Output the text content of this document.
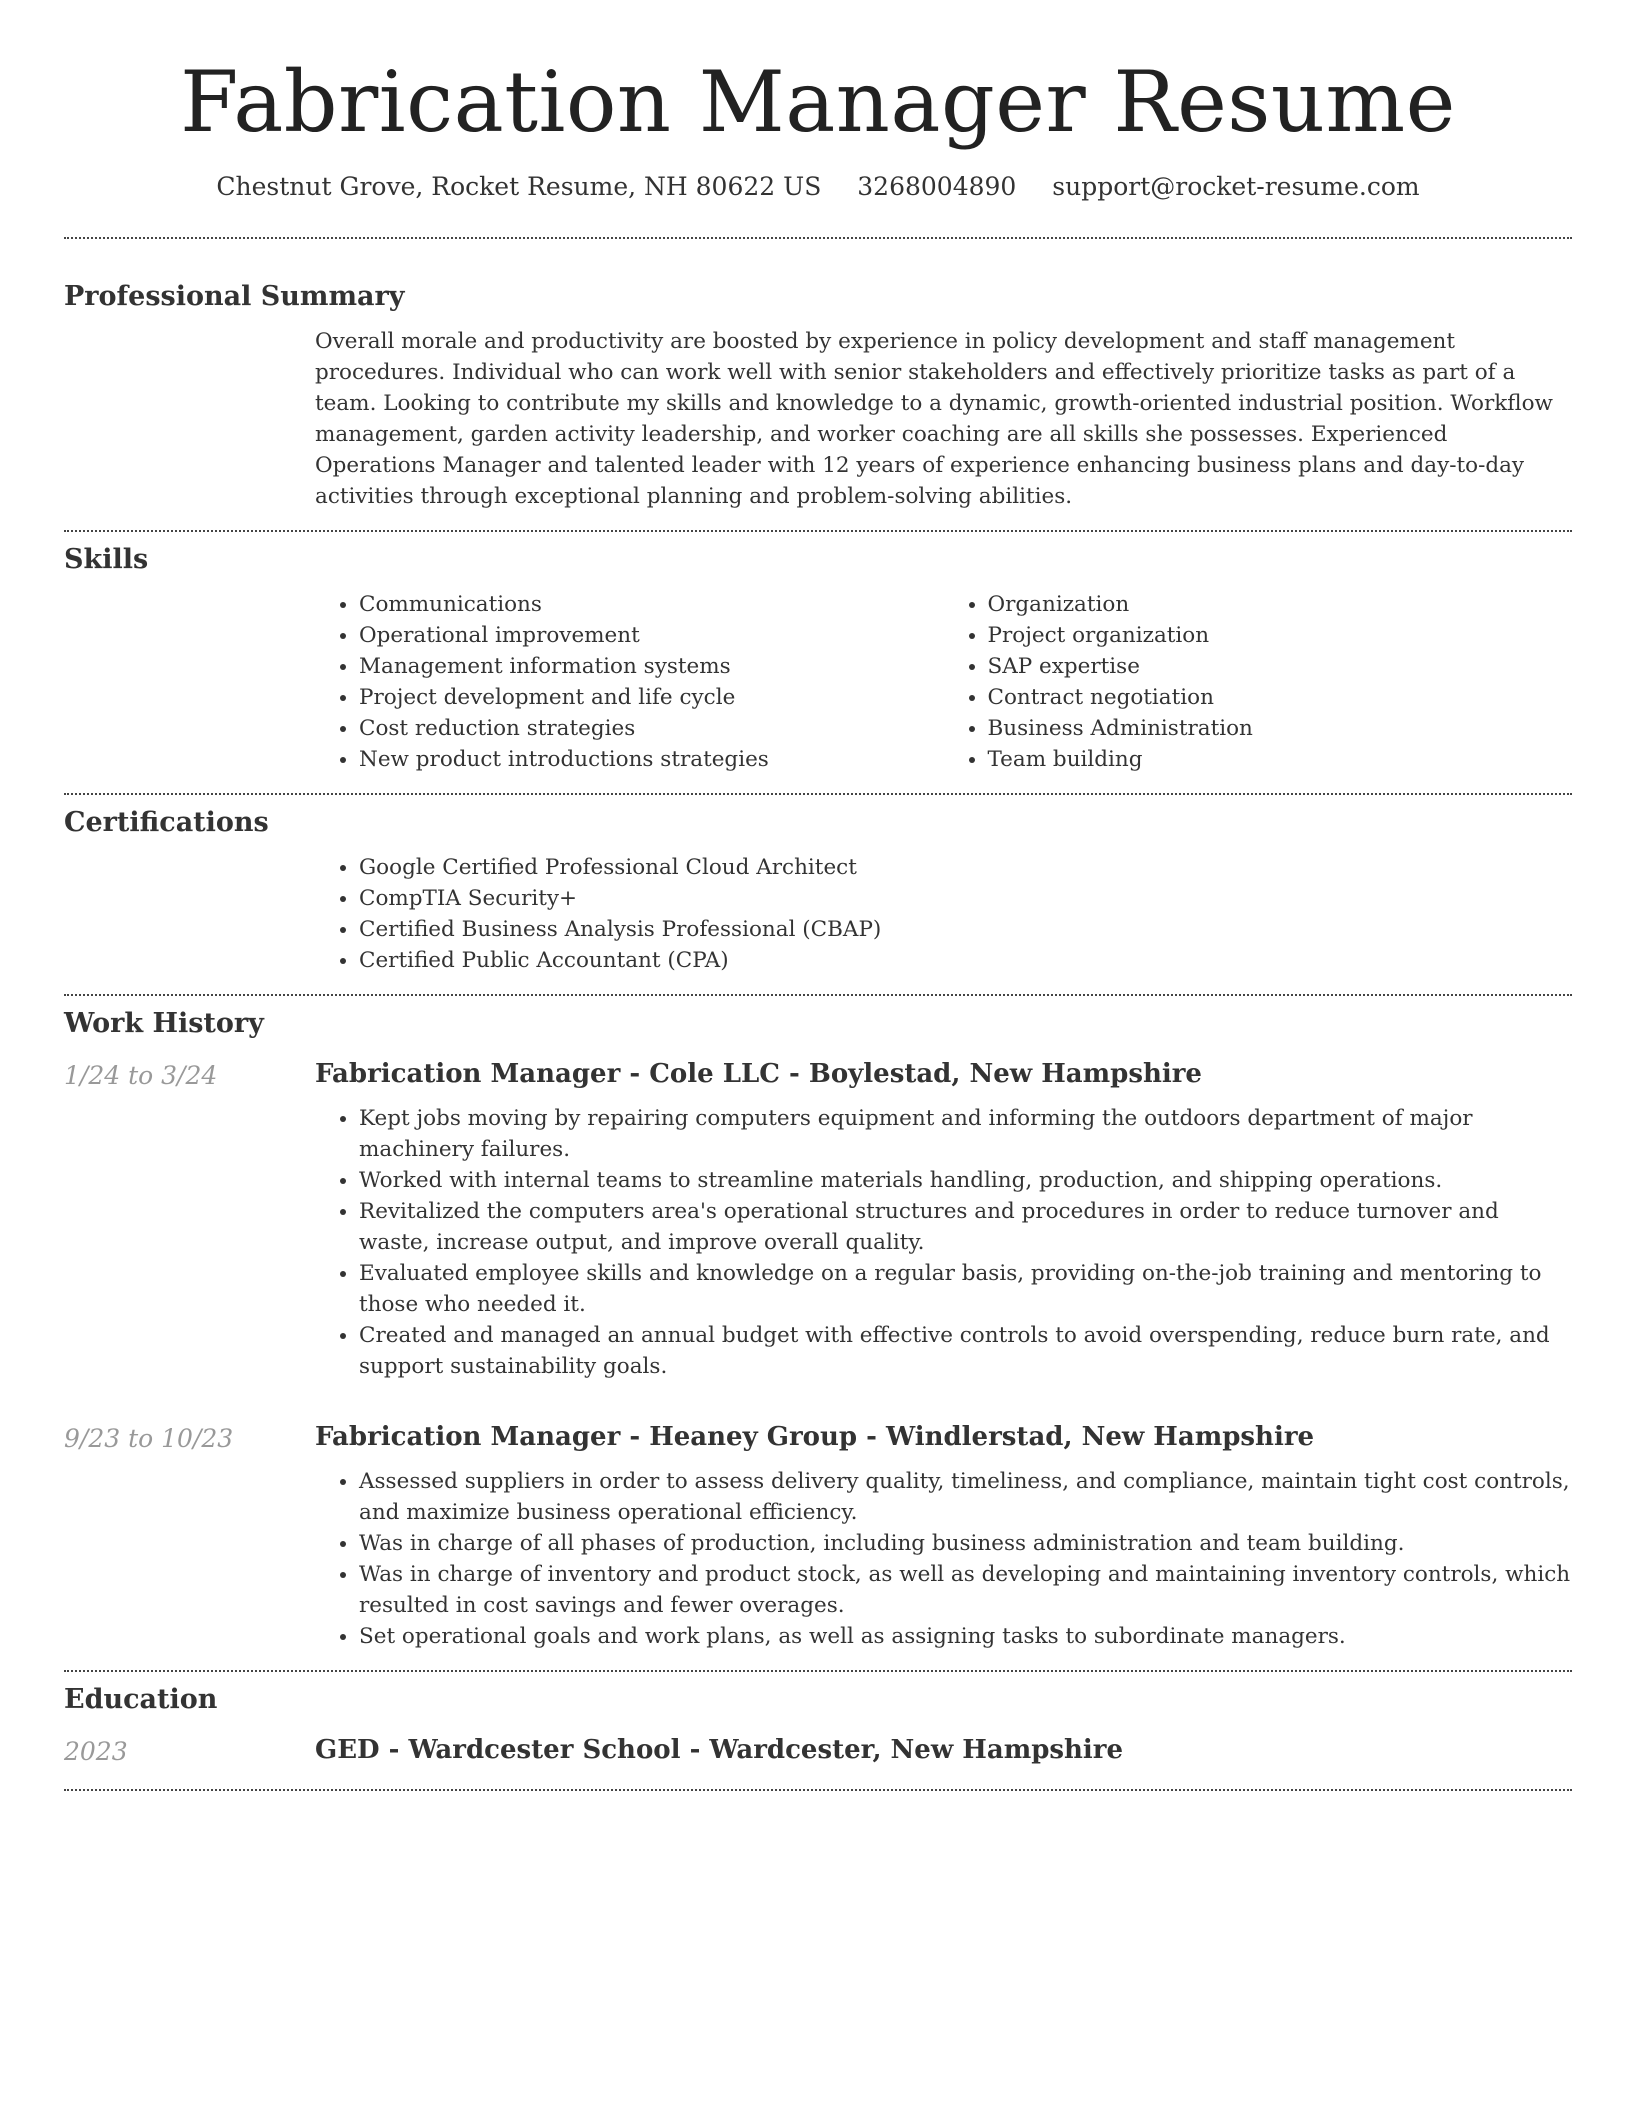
Fabrication Manager Resume
Chestnut Grove, Rocket Resume, NH 80622 US 3268004890 support@rocket-resume.com
Professional Summary

Overall morale and productivity are boosted by experience in policy development and staff management procedures. Individual who can work well with senior stakeholders and effectively prioritize tasks as part of a team. Looking to contribute my skills and knowledge to a dynamic, growth-oriented industrial position. Workflow management, garden activity leadership, and worker coaching are all skills she possesses. Experienced Operations Manager and talented leader with 12 years of experience enhancing business plans and day-to-day activities through exceptional planning and problem-solving abilities.

Skills
• Communications
• Operational improvement
• Management information systems
• Project development and life cycle
• Cost reduction strategies
• New product introductions strategies
• Organization
• Project organization
• SAP expertise
• Contract negotiation
• Business Administration
• Team building
Certifications
• Google Certified Professional Cloud Architect
• CompTIA Security+
• Certified Business Analysis Professional (CBAP)
• Certified Public Accountant (CPA)
Work History
1/24 to 3/24	Fabrication Manager - Cole LLC - Boylestad, New Hampshire
• Kept jobs moving by repairing computers equipment and informing the outdoors department of major machinery failures.
• Worked with internal teams to streamline materials handling, production, and shipping operations.
• Revitalized the computers area's operational structures and procedures in order to reduce turnover and waste, increase output, and improve overall quality.
• Evaluated employee skills and knowledge on a regular basis, providing on-the-job training and mentoring to those who needed it.
• Created and managed an annual budget with effective controls to avoid overspending, reduce burn rate, and support sustainability goals.
9/23 to 10/23	Fabrication Manager - Heaney Group - Windlerstad, New Hampshire
• Assessed suppliers in order to assess delivery quality, timeliness, and compliance, maintain tight cost controls, and maximize business operational efficiency.
• Was in charge of all phases of production, including business administration and team building.
• Was in charge of inventory and product stock, as well as developing and maintaining inventory controls, which resulted in cost savings and fewer overages.
• Set operational goals and work plans, as well as assigning tasks to subordinate managers.
Education
2023	GED - Wardcester School - Wardcester, New Hampshire
